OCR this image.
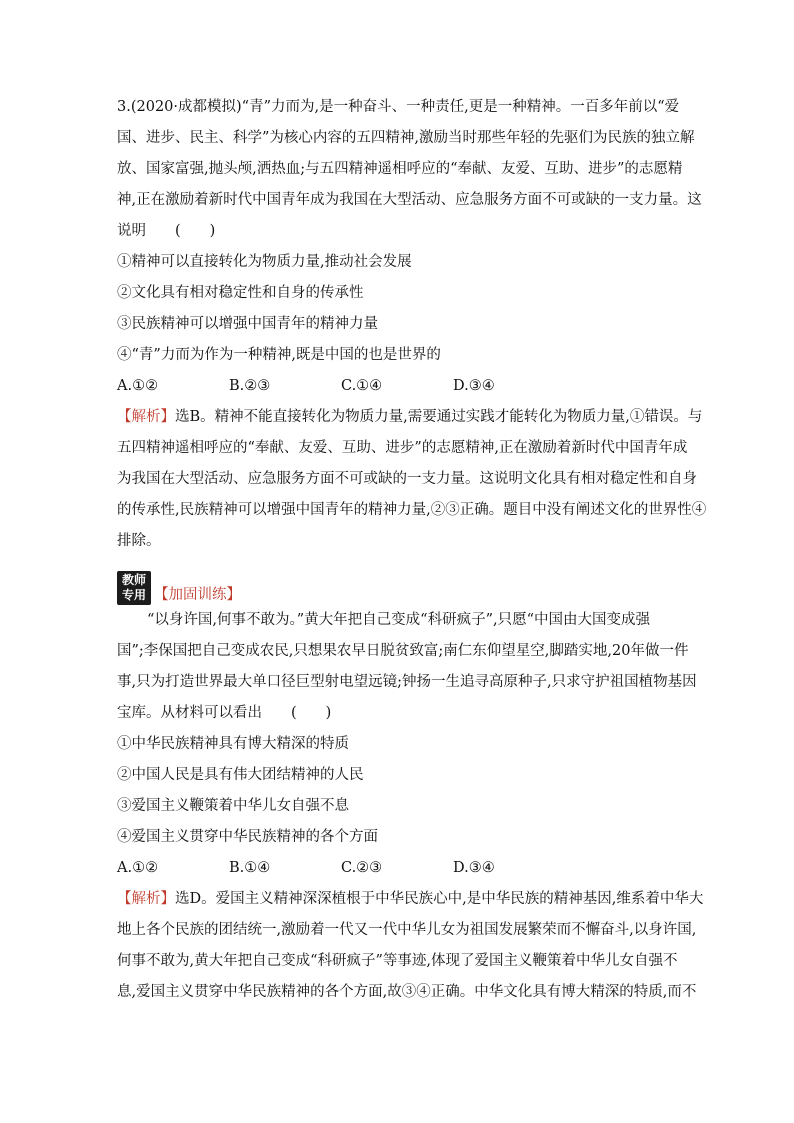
3.(2020·成都模拟)“青”力而为,是一种奋斗、一种责任,更是一种精神。一百多年前以“爱
国、进步、民主、科学”为核心内容的五四精神,激励当时那些年轻的先驱们为民族的独立解
放、国家富强,抛头颅,洒热血;与五四精神遥相呼应的“奉献、友爱、互助、进步”的志愿精
神,正在激励着新时代中国青年成为我国在大型活动、应急服务方面不可或缺的一支力量。这
说明　　(　　)
①精神可以直接转化为物质力量,推动社会发展
②文化具有相对稳定性和自身的传承性
③民族精神可以增强中国青年的精神力量
④“青”力而为作为一种精神,既是中国的也是世界的
A.①②	B.②③	C.①④	D.③④
【解析】选B。精神不能直接转化为物质力量,需要通过实践才能转化为物质力量,①错误。与
五四精神遥相呼应的“奉献、友爱、互助、进步”的志愿精神,正在激励着新时代中国青年成
为我国在大型活动、应急服务方面不可或缺的一支力量。这说明文化具有相对稳定性和自身
的传承性,民族精神可以增强中国青年的精神力量,②③正确。题目中没有阐述文化的世界性④
排除。
教师
专用 【加固训练】
“以身许国,何事不敢为。”黄大年把自己变成“科研疯子”,只愿“中国由大国变成强
国”;李保国把自己变成农民,只想果农早日脱贫致富;南仁东仰望星空,脚踏实地,20年做一件
事,只为打造世界最大单口径巨型射电望远镜;钟扬一生追寻高原种子,只求守护祖国植物基因
宝库。从材料可以看出　　(　　)
①中华民族精神具有博大精深的特质
②中国人民是具有伟大团结精神的人民
③爱国主义鞭策着中华儿女自强不息
④爱国主义贯穿中华民族精神的各个方面
A.①②	B.①④	C.②③	D.③④
【解析】选D。爱国主义精神深深植根于中华民族心中,是中华民族的精神基因,维系着中华大
地上各个民族的团结统一,激励着一代又一代中华儿女为祖国发展繁荣而不懈奋斗,以身许国,
何事不敢为,黄大年把自己变成“科研疯子”等事迹,体现了爱国主义鞭策着中华儿女自强不
息,爱国主义贯穿中华民族精神的各个方面,故③④正确。中华文化具有博大精深的特质,而不
